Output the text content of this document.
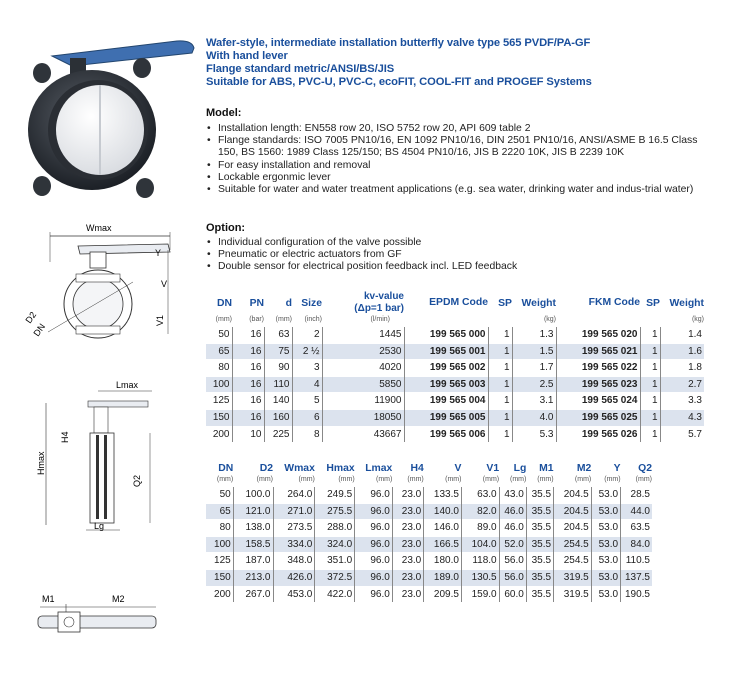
Wafer-style, intermediate installation butterfly valve type 565 PVDF/PA-GF
With hand lever
Flange standard metric/ANSI/BS/JIS
Suitable for ABS, PVC-U, PVC-C, ecoFIT, COOL-FIT and PROGEF Systems
Model:
• Installation length: EN558 row 20, ISO 5752 row 20, API 609 table 2
• Flange standards: ISO 7005 PN10/16, EN 1092 PN10/16, DIN 2501 PN10/16, ANSI/ASME B 16.5 Class 150, BS 1560: 1989 Class 125/150; BS 4504 PN10/16, JIS B 2220 10K, JIS B 2239 10K
• For easy installation and removal
• Lockable ergonmic lever
• Suitable for water and water treatment applications (e.g. sea water, drinking water and indus-trial water)
Option:
• Individual configuration of the valve possible
• Pneumatic or electric actuators from GF
• Double sensor for electrical position feedback incl. LED feedback
Wmax
Y
V
V1
D2
DN
Lmax
Hmax
H4
Lg
Q2
M1	M2
DN	PN	d	Size	kv-value (Δp=1 bar)	EPDM Code	SP	Weight	FKM Code	SP	Weight
(mm)	(bar)	(mm)	(inch)	(l/min)			(kg)			(kg)
50	16	63	2	1445	199 565 000	1	1.3	199 565 020	1	1.4
65	16	75	2 ½	2530	199 565 001	1	1.5	199 565 021	1	1.6
80	16	90	3	4020	199 565 002	1	1.7	199 565 022	1	1.8
100	16	110	4	5850	199 565 003	1	2.5	199 565 023	1	2.7
125	16	140	5	11900	199 565 004	1	3.1	199 565 024	1	3.3
150	16	160	6	18050	199 565 005	1	4.0	199 565 025	1	4.3
200	10	225	8	43667	199 565 006	1	5.3	199 565 026	1	5.7
DN	D2	Wmax	Hmax	Lmax	H4	V	V1	Lg	M1	M2	Y	Q2
(mm)	(mm)	(mm)	(mm)	(mm)	(mm)	(mm)	(mm)	(mm)	(mm)	(mm)	(mm)	(mm)
50	100.0	264.0	249.5	96.0	23.0	133.5	63.0	43.0	35.5	204.5	53.0	28.5
65	121.0	271.0	275.5	96.0	23.0	140.0	82.0	46.0	35.5	204.5	53.0	44.0
80	138.0	273.5	288.0	96.0	23.0	146.0	89.0	46.0	35.5	204.5	53.0	63.5
100	158.5	334.0	324.0	96.0	23.0	166.5	104.0	52.0	35.5	254.5	53.0	84.0
125	187.0	348.0	351.0	96.0	23.0	180.0	118.0	56.0	35.5	254.5	53.0	110.5
150	213.0	426.0	372.5	96.0	23.0	189.0	130.5	56.0	35.5	319.5	53.0	137.5
200	267.0	453.0	422.0	96.0	23.0	209.5	159.0	60.0	35.5	319.5	53.0	190.5
